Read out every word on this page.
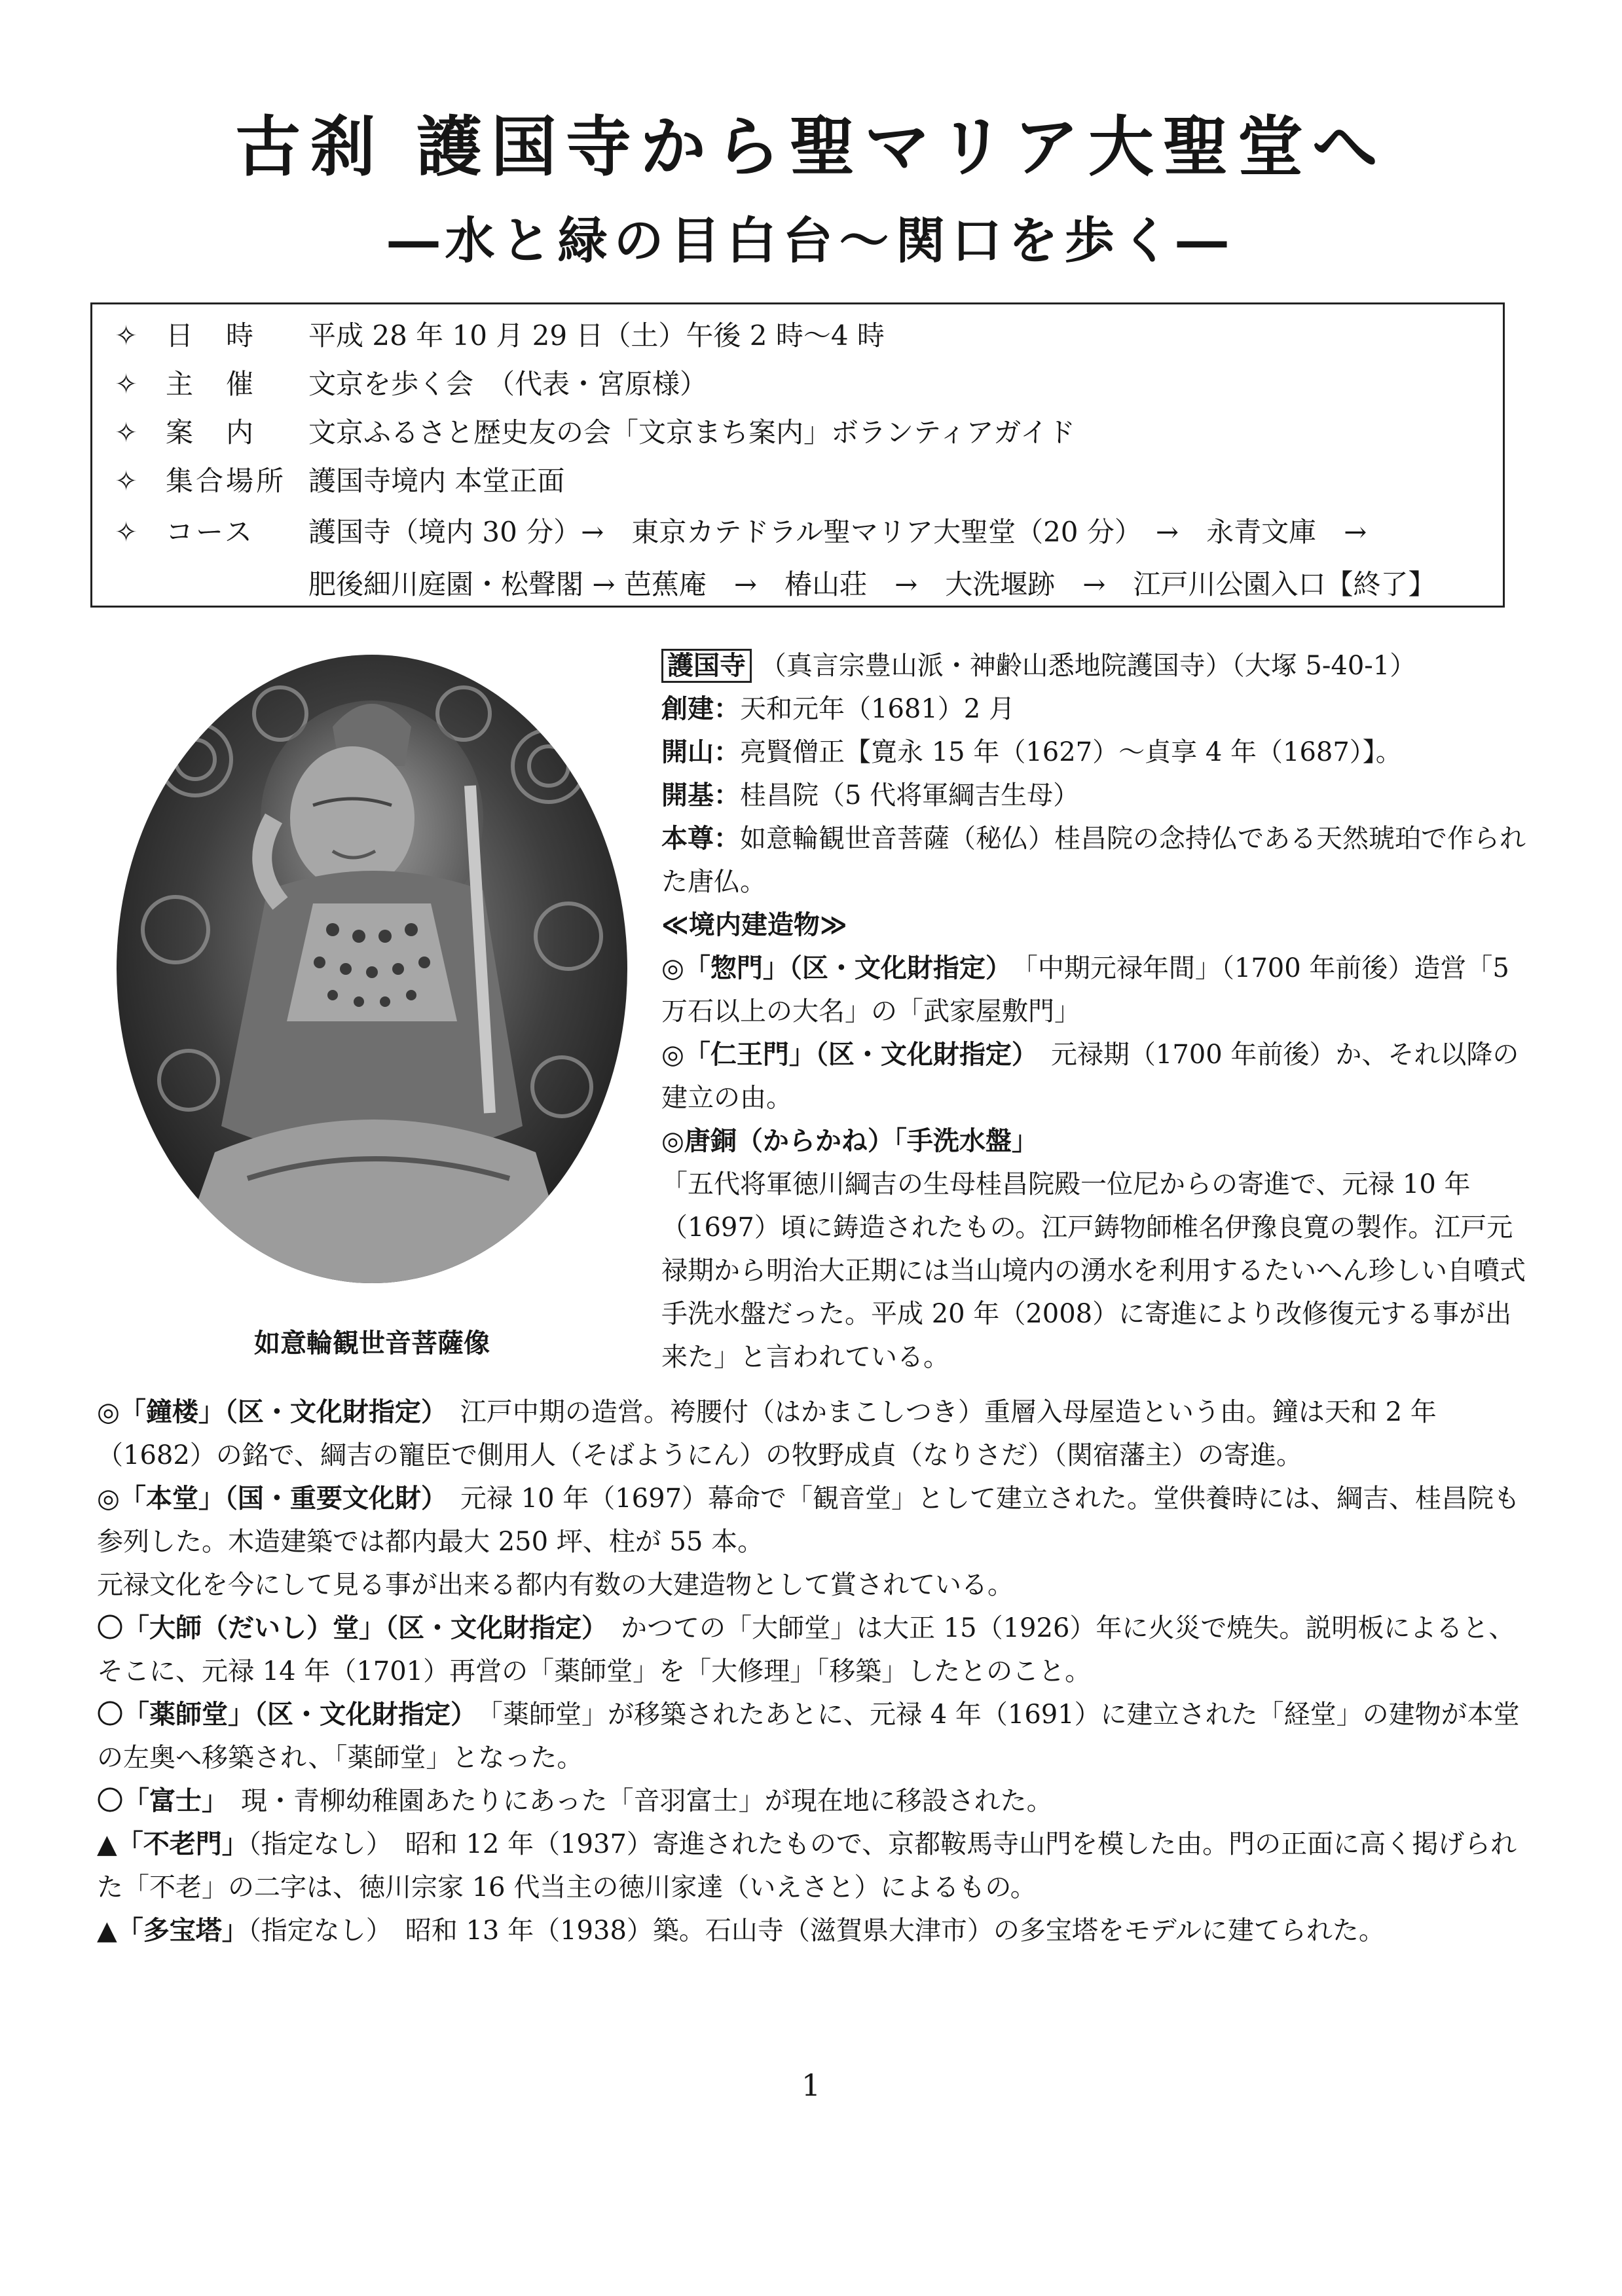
古刹 護国寺から聖マリア大聖堂へ
―水と緑の目白台～関口を歩く―
✧ 日　時 平成 28 年 10 月 29 日（土）午後 2 時～4 時
✧ 主　催 文京を歩く会　（代表・宮原様）
✧ 案　内 文京ふるさと歴史友の会「文京まち案内」ボランティアガイド
✧ 集合場所 護国寺境内 本堂正面
✧ コース 護国寺（境内 30 分）→　東京カテドラル聖マリア大聖堂（20 分）　→　永青文庫　→
肥後細川庭園・松聲閣 → 芭蕉庵　→　椿山荘　→　大洗堰跡　→　江戸川公園入口【終了】
如意輪観世音菩薩像

護国寺 （真言宗豊山派・神齢山悉地院護国寺）（大塚 5-40-1）

創建：天和元年（1681）2 月

開山：亮賢僧正【寛永 15 年（1627）～貞享 4 年（1687）】。

開基：桂昌院（5 代将軍綱吉生母）

本尊：如意輪観世音菩薩（秘仏）桂昌院の念持仏である天然琥珀で作られた唐仏。

≪境内建造物≫

◎「惣門」（区・文化財指定）　 「中期元禄年間」（1700 年前後）造営「5 万石以上の大名」の「武家屋敷門」

◎「仁王門」（区・文化財指定）　 元禄期（1700 年前後）か、それ以降の建立の由。

◎唐銅（からかね）「手洗水盤」

「五代将軍徳川綱吉の生母桂昌院殿一位尼からの寄進で、元禄 10 年（1697）頃に鋳造されたもの。江戸鋳物師椎名伊豫良寛の製作。江戸元禄期から明治大正期には当山境内の湧水を利用するたいへん珍しい自噴式手洗水盤だった。平成 20 年（2008）に寄進により改修復元する事が出来た」と言われている。

◎「鐘楼」（区・文化財指定）　 江戸中期の造営。袴腰付（はかまこしつき）重層入母屋造という由。鐘は天和 2 年（1682）の銘で、綱吉の寵臣で側用人（そばようにん）の牧野成貞（なりさだ）（関宿藩主）の寄進。

◎「本堂」（国・重要文化財）　 元禄 10 年（1697）幕命で「観音堂」として建立された。堂供養時には、綱吉、桂昌院も参列した。木造建築では都内最大 250 坪、柱が 55 本。

元禄文化を今にして見る事が出来る都内有数の大建造物として賞されている。

〇「大師（だいし）堂」（区・文化財指定）　 かつての「大師堂」は大正 15（1926）年に火災で焼失。説明板によると、そこに、元禄 14 年（1701）再営の「薬師堂」を「大修理」「移築」したとのこと。

〇「薬師堂」（区・文化財指定）　 「薬師堂」が移築されたあとに、元禄 4 年（1691）に建立された「経堂」の建物が本堂の左奥へ移築され、「薬師堂」となった。

〇「富士」　 現・青柳幼稚園あたりにあった「音羽富士」が現在地に移設された。

▲「不老門」（指定なし）　昭和 12 年（1937）寄進されたもので、京都鞍馬寺山門を模した由。門の正面に高く掲げられた「不老」の二字は、徳川宗家 16 代当主の徳川家達（いえさと）によるもの。

▲「多宝塔」（指定なし）　昭和 13 年（1938）築。石山寺（滋賀県大津市）の多宝塔をモデルに建てられた。

1
